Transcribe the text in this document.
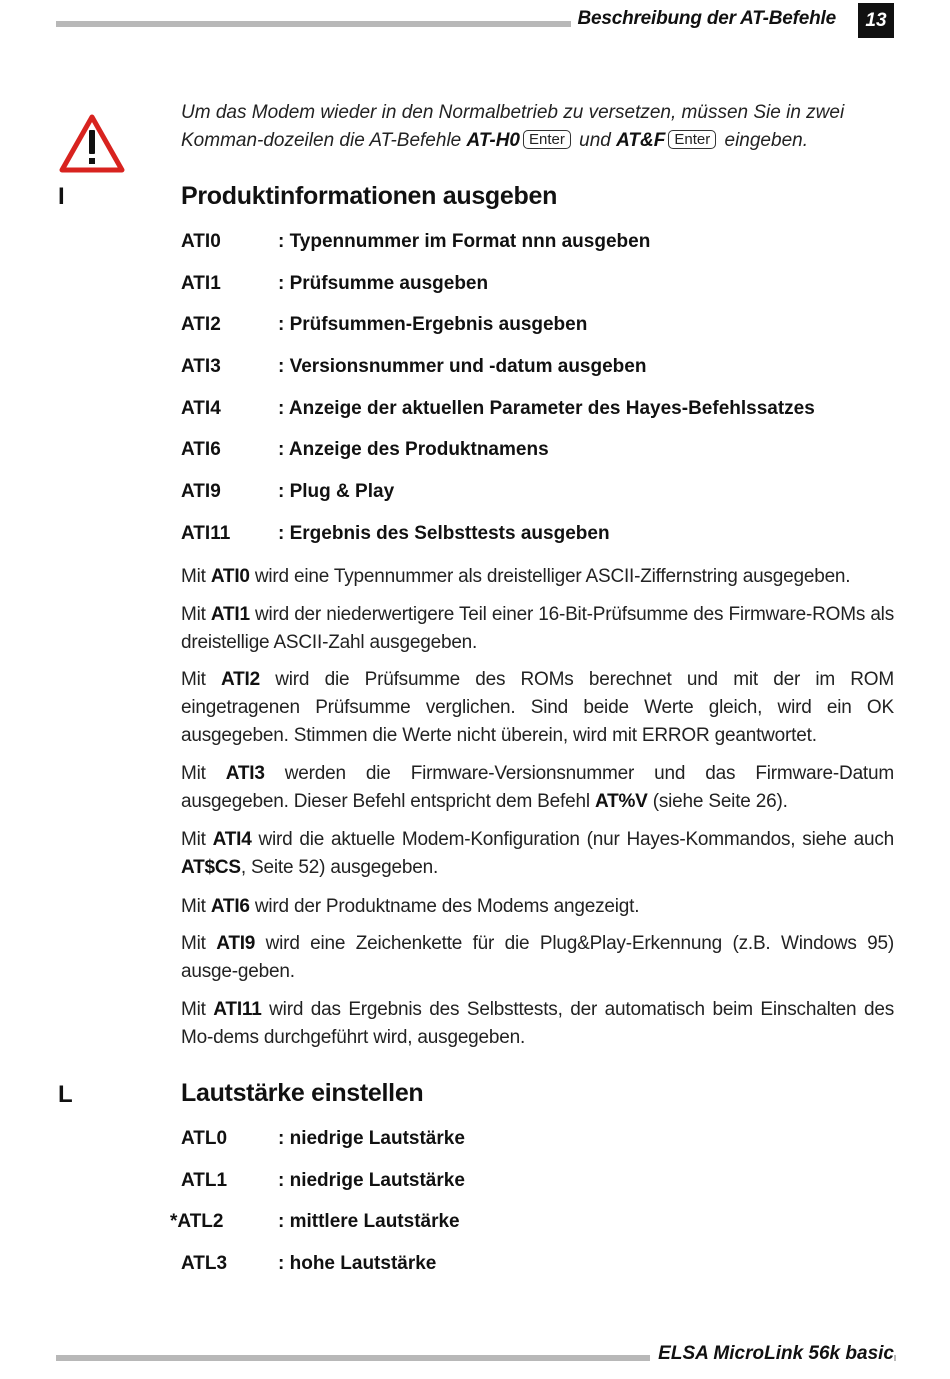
Beschreibung der AT-Befehle	13
Um das Modem wieder in den Normalbetrieb zu versetzen, müssen Sie in zwei Komman-dozeilen die AT-Befehle AT-H0 Enter und AT&F Enter eingeben.
I	Produktinformationen ausgeben
ATI0	: Typennummer im Format nnn ausgeben
ATI1	: Prüfsumme ausgeben
ATI2	: Prüfsummen-Ergebnis ausgeben
ATI3	: Versionsnummer und -datum ausgeben
ATI4	: Anzeige der aktuellen Parameter des Hayes-Befehlssatzes
ATI6	: Anzeige des Produktnamens
ATI9	: Plug & Play
ATI11	: Ergebnis des Selbsttests ausgeben
Mit ATI0 wird eine Typennummer als dreistelliger ASCII-Ziffernstring ausgegeben.
Mit ATI1 wird der niederwertigere Teil einer 16-Bit-Prüfsumme des Firmware-ROMs als dreistellige ASCII-Zahl ausgegeben.
Mit ATI2 wird die Prüfsumme des ROMs berechnet und mit der im ROM eingetragenen Prüfsumme verglichen. Sind beide Werte gleich, wird ein OK ausgegeben. Stimmen die Werte nicht überein, wird mit ERROR geantwortet.
Mit ATI3 werden die Firmware-Versionsnummer und das Firmware-Datum ausgegeben. Dieser Befehl entspricht dem Befehl AT%V (siehe Seite 26).
Mit ATI4 wird die aktuelle Modem-Konfiguration (nur Hayes-Kommandos, siehe auch AT$CS, Seite 52) ausgegeben.
Mit ATI6 wird der Produktname des Modems angezeigt.
Mit ATI9 wird eine Zeichenkette für die Plug&Play-Erkennung (z.B. Windows 95) ausge-geben.
Mit ATI11 wird das Ergebnis des Selbsttests, der automatisch beim Einschalten des Mo-dems durchgeführt wird, ausgegeben.
L	Lautstärke einstellen
ATL0	: niedrige Lautstärke
ATL1	: niedrige Lautstärke
*ATL2	: mittlere Lautstärke
ATL3	: hohe Lautstärke
ELSA MicroLink 56k basic
